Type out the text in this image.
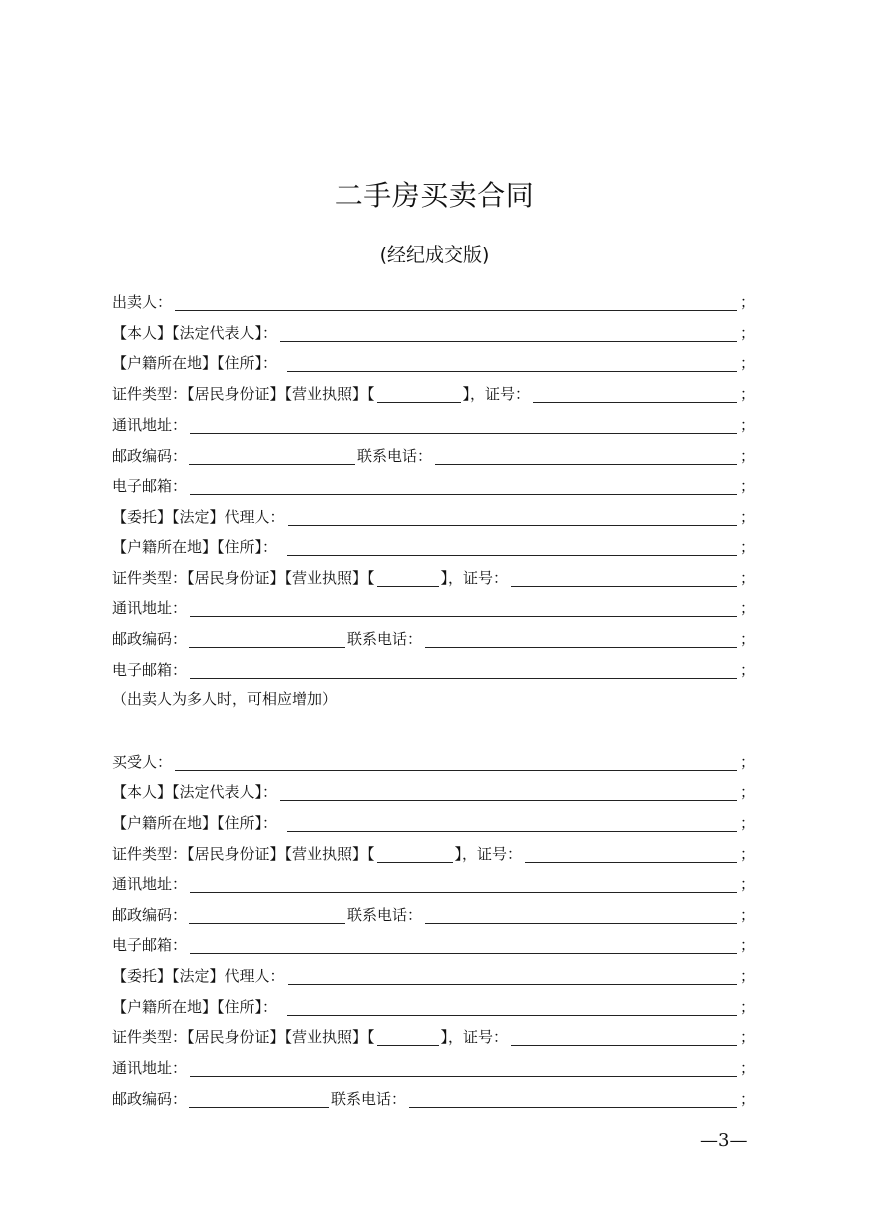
二手房买卖合同
(经纪成交版)
出卖人：	；
【本人】【法定代表人】：	；
【户籍所在地】【住所】：	；
证件类型：【居民身份证】【营业执照】【	】，证号：	；
通讯地址：	；
邮政编码：	联系电话：	；
电子邮箱：	；
【委托】【法定】代理人：	；
【户籍所在地】【住所】：	；
证件类型：【居民身份证】【营业执照】【	】，证号：	；
通讯地址：	；
邮政编码：	联系电话：	；
电子邮箱：	；
（出卖人为多人时，可相应增加）
买受人：	；
【本人】【法定代表人】：	；
【户籍所在地】【住所】：	；
证件类型：【居民身份证】【营业执照】【	】，证号：	；
通讯地址：	；
邮政编码：	联系电话：	；
电子邮箱：	；
【委托】【法定】代理人：	；
【户籍所在地】【住所】：	；
证件类型：【居民身份证】【营业执照】【	】，证号：	；
通讯地址：	；
邮政编码：	联系电话：	；
—3—
